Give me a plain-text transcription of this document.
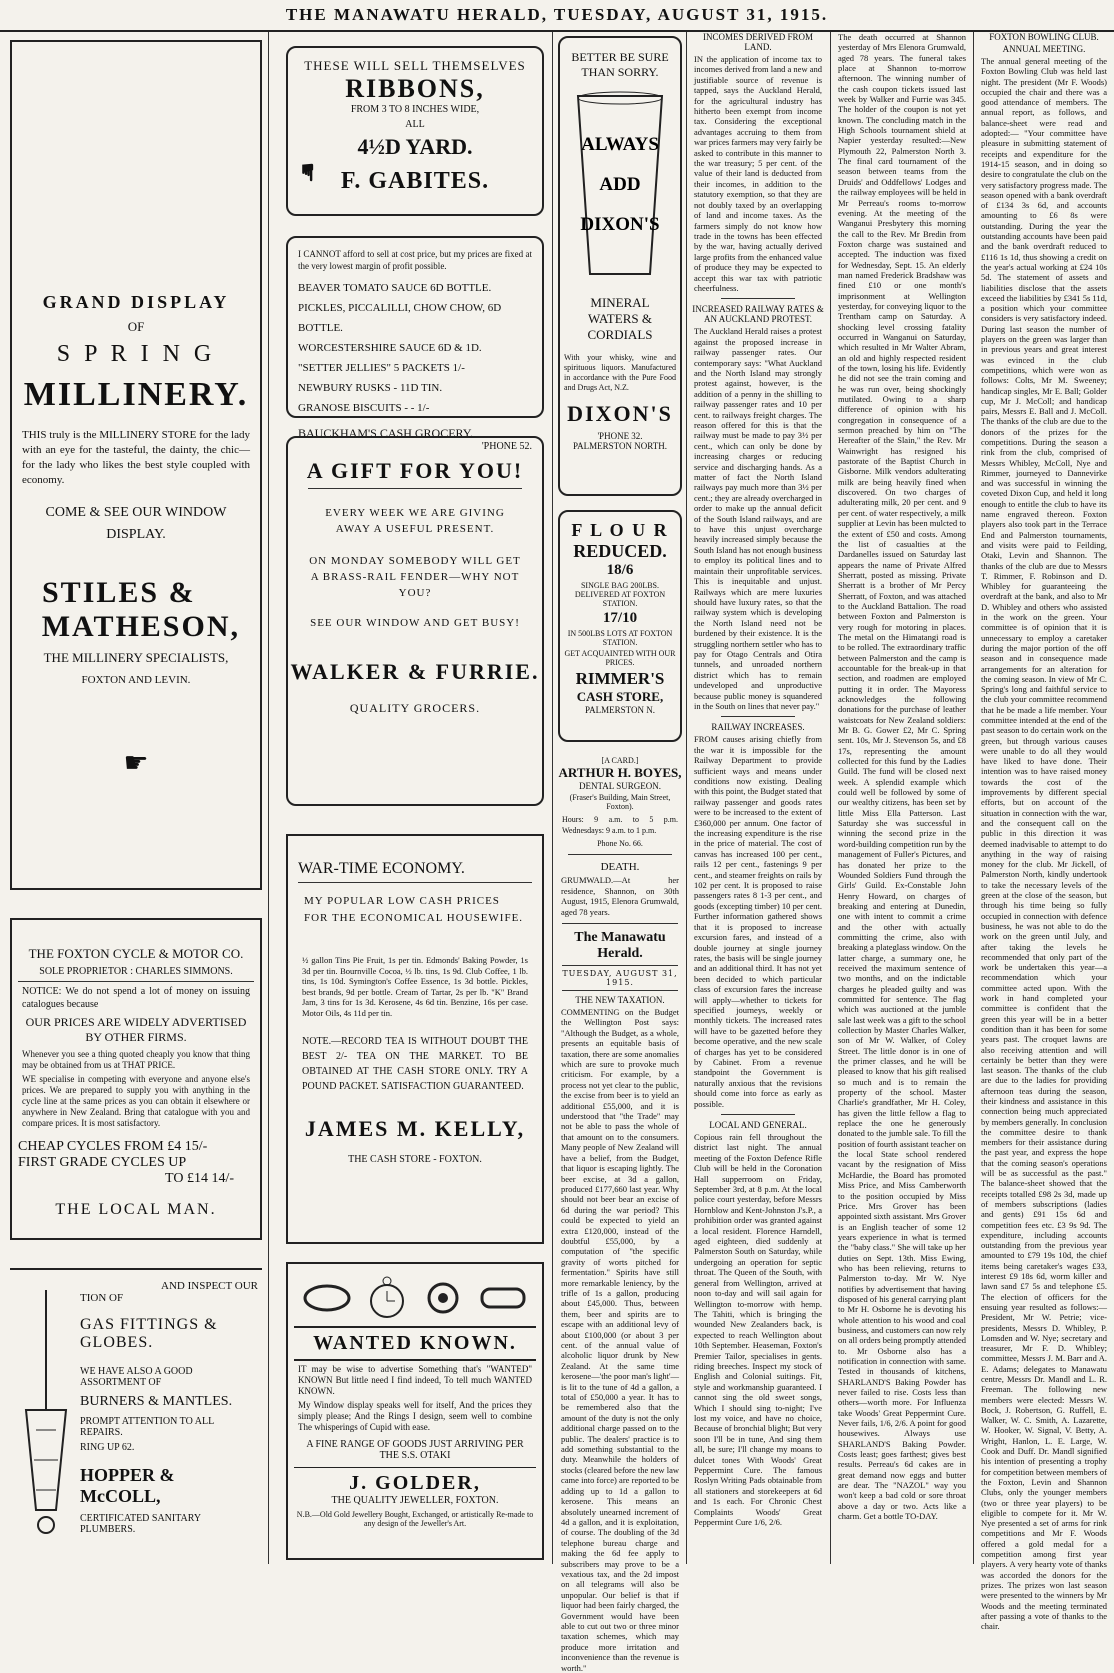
THE MANAWATU HERALD, TUESDAY, AUGUST 31, 1915.
GRAND DISPLAY
OF
S P R I N G
MILLINERY.
THIS truly is the MILLINERY STORE for the lady with an eye for the tasteful, the dainty, the chic—for the lady who likes the best style coupled with economy.
COME & SEE OUR WINDOW DISPLAY.
STILES &
MATHESON,
THE MILLINERY SPECIALISTS,
FOXTON AND LEVIN.
☛
THE FOXTON CYCLE & MOTOR CO.
SOLE PROPRIETOR : CHARLES SIMMONS.
NOTICE: We do not spend a lot of money on issuing catalogues because
OUR PRICES ARE WIDELY ADVERTISED BY OTHER FIRMS.
Whenever you see a thing quoted cheaply you know that thing may be obtained from us at THAT PRICE.
WE specialise in competing with everyone and anyone else's prices. We are prepared to supply you with anything in the cycle line at the same prices as you can obtain it elsewhere or anywhere in New Zealand. Bring that catalogue with you and compare prices. It is most satisfactory.
CHEAP CYCLES FROM £4 15/-
FIRST GRADE CYCLES UP
TO £14 14/-
THE LOCAL MAN.
AND INSPECT OUR
TION OF
GAS FITTINGS &
GLOBES.
WE HAVE ALSO A GOOD ASSORTMENT OF
BURNERS & MANTLES.
PROMPT ATTENTION TO ALL REPAIRS.
RING UP 62.
HOPPER & McCOLL,
CERTIFICATED SANITARY PLUMBERS.
THESE WILL SELL THEMSELVES
RIBBONS,
FROM 3 TO 8 INCHES WIDE,
ALL
4½D YARD.
F. GABITES.
☛
I CANNOT afford to sell at cost price, but my prices are fixed at the very lowest margin of profit possible.
BEAVER TOMATO SAUCE 6D BOTTLE.
PICKLES, PICCALILLI, CHOW CHOW, 6D BOTTLE.
WORCESTERSHIRE SAUCE 6D & 1D.
"SETTER JELLIES" 5 PACKETS 1/-
NEWBURY RUSKS - 11D TIN.
GRANOSE BISCUITS - - 1/-
BAUCKHAM'S CASH GROCERY.
'PHONE 52.
A GIFT FOR YOU!
EVERY WEEK WE ARE GIVING AWAY A USEFUL PRESENT.
ON MONDAY SOMEBODY WILL GET A BRASS-RAIL FENDER—WHY NOT YOU?
SEE OUR WINDOW AND GET BUSY!
WALKER & FURRIE.
QUALITY GROCERS.
WAR-TIME ECONOMY.
MY POPULAR LOW CASH PRICES FOR THE ECONOMICAL HOUSEWIFE.
½ gallon Tins Pie Fruit, 1s per tin. Edmonds' Baking Powder, 1s 3d per tin. Bournville Cocoa, ½ lb. tins, 1s 9d. Club Coffee, 1 lb. tins, 1s 10d. Symington's Coffee Essence, 1s 3d bottle. Pickles, best brands, 9d per bottle. Cream of Tartar, 2s per lb. "K" Brand Jam, 3 tins for 1s 3d. Kerosene, 4s 6d tin. Benzine, 16s per case. Motor Oils, 4s 11d per tin.
NOTE.—RECORD TEA IS WITHOUT DOUBT THE BEST 2/- TEA ON THE MARKET. TO BE OBTAINED AT THE CASH STORE ONLY. TRY A POUND PACKET. SATISFACTION GUARANTEED.
JAMES M. KELLY,
THE CASH STORE - FOXTON.
WANTED KNOWN.
IT may be wise to advertise Something that's "WANTED" KNOWN But little need I find indeed, To tell much WANTED KNOWN.
My Window display speaks well for itself, And the prices they simply please; And the Rings I design, seem well to combine The whisperings of Cupid with ease.
A FINE RANGE OF GOODS JUST ARRIVING PER THE S.S. OTAKI
J. GOLDER,
THE QUALITY JEWELLER, FOXTON.
N.B.—Old Gold Jewellery Bought, Exchanged, or artistically Re-made to any design of the Jeweller's Art.
BETTER BE SURE
THAN SORRY.
ALWAYS
ADD
DIXON'S
MINERAL WATERS & CORDIALS
With your whisky, wine and spirituous liquors. Manufactured in accordance with the Pure Food and Drugs Act, N.Z.
DIXON'S
'PHONE 32.
PALMERSTON NORTH.
F L O U R
REDUCED.
18/6
SINGLE BAG 200LBS. DELIVERED AT FOXTON STATION.
17/10
IN 500LBS LOTS AT FOXTON STATION.
GET ACQUAINTED WITH OUR PRICES.
RIMMER'S
CASH STORE,
PALMERSTON N.
[A CARD.]
ARTHUR H. BOYES,
DENTAL SURGEON.
(Fraser's Building, Main Street, Foxton).
Hours: 9 a.m. to 5 p.m. Wednesdays: 9 a.m. to 1 p.m.
Phone No. 66.
DEATH.
GRUMWALD.—At her residence, Shannon, on 30th August, 1915, Elenora Grumwald, aged 78 years.
The Manawatu Herald.
TUESDAY, AUGUST 31, 1915.
THE NEW TAXATION.
COMMENTING on the Budget the Wellington Post says: "Although the Budget, as a whole, presents an equitable basis of taxation, there are some anomalies which are sure to provoke much criticism. For example, by a process not yet clear to the public, the excise from beer is to yield an additional £55,000, and it is understood that "the Trade" may not be able to pass the whole of that amount on to the consumers. Many people of New Zealand will have a belief, from the Budget, that liquor is escaping lightly. The beer excise, at 3d a gallon, produced £177,660 last year. Why should not beer bear an excise of 6d during the war period? This could be expected to yield an extra £120,000, instead of the doubtful £55,000, by a computation of "the specific gravity of worts pitched for fermentation." Spirits have still more remarkable leniency, by the trifle of 1s a gallon, producing about £45,000. Thus, between them, beer and spirits are to escape with an additional levy of about £100,000 (or about 3 per cent. of the annual value of alcoholic liquor drunk by New Zealand. At the same time kerosene—'the poor man's light'—is lit to the tune of 4d a gallon, a total of £50,000 a year. It has to be remembered also that the amount of the duty is not the only additional charge passed on to the public. The dealers' practice is to add something substantial to the duty. Meanwhile the holders of stocks (cleared before the new law came into force) are reported to be adding up to 1d a gallon to kerosene. This means an absolutely unearned increment of 4d a gallon, and it is exploitation, of course. The doubling of the 3d telephone bureau charge and making the 6d fee apply to subscribers may prove to be a vexatious tax, and the 2d impost on all telegrams will also be unpopular. Our belief is that if liquor had been fairly charged, the Government would have been able to cut out two or three minor taxation schemes, which may produce more irritation and inconvenience than the revenue is worth."
INCOMES DERIVED FROM LAND.
IN the application of income tax to incomes derived from land a new and justifiable source of revenue is tapped, says the Auckland Herald, for the agricultural industry has hitherto been exempt from income tax. Considering the exceptional advantages accruing to them from war prices farmers may very fairly be asked to contribute in this manner to the war treasury; 5 per cent. of the value of their land is deducted from their incomes, in addition to the statutory exemption, so that they are not doubly taxed by an overlapping of land and income taxes. As the farmers simply do not know how trade in the towns has been effected by the war, having actually derived large profits from the enhanced value of produce they may be expected to accept this war tax with patriotic cheerfulness.
INCREASED RAILWAY RATES & AN AUCKLAND PROTEST.
The Auckland Herald raises a protest against the proposed increase in railway passenger rates. Our contemporary says: "What Auckland and the North Island may strongly protest against, however, is the addition of a penny in the shilling to railway passenger rates and 10 per cent. to railways freight charges. The reason offered for this is that the railway must be made to pay 3½ per cent., which can only be done by increasing charges or reducing service and discharging hands. As a matter of fact the North Island railways pay much more than 3½ per cent.; they are already overcharged in order to make up the annual deficit of the South Island railways, and are to have this unjust overcharge heavily increased simply because the South Island has not enough business to employ its political lines and to maintain their unprofitable services. This is inequitable and unjust. Railways which are mere luxuries should have luxury rates, so that the railway system which is developing the North Island need not be burdened by their existence. It is the struggling northern settler who has to pay for Otago Centrals and Otira tunnels, and unroaded northern district which has to remain undeveloped and unproductive because public money is squandered in the South on lines that never pay."
RAILWAY INCREASES.
FROM causes arising chiefly from the war it is impossible for the Railway Department to provide sufficient ways and means under conditions now existing. Dealing with this point, the Budget stated that railway passenger and goods rates were to be increased to the extent of £360,000 per annum. One factor of the increasing expenditure is the rise in the price of material. The cost of canvas has increased 100 per cent., rails 12 per cent., fastenings 9 per cent., and steamer freights on rails by 102 per cent. It is proposed to raise passengers rates 8 1-3 per cent., and goods (excepting timber) 10 per cent. Further information gathered shows that it is proposed to increase excursion fares, and instead of a double journey at single journey rates, the basis will be single journey and an additional third. It has not yet been decided to which particular class of excursion fares the increase will apply—whether to tickets for specified journeys, weekly or monthly tickets. The increased rates will have to be gazetted before they become operative, and the new scale of charges has yet to be considered by Cabinet. From a revenue standpoint the Government is naturally anxious that the revisions should come into force as early as possible.
LOCAL AND GENERAL.
Copious rain fell throughout the district last night. The annual meeting of the Foxton Defence Rifle Club will be held in the Coronation Hall supperroom on Friday, September 3rd, at 8 p.m. At the local police court yesterday, before Messrs Hornblow and Kent-Johnston J's.P., a prohibition order was granted against a local resident. Florence Harndell, aged eighteen, died suddenly at Palmerston South on Saturday, while undergoing an operation for septic throat. The Queen of the South, with general from Wellington, arrived at noon to-day and will sail again for Wellington to-morrow with hemp. The Tahiti, which is bringing the wounded New Zealanders back, is expected to reach Wellington about 10th September. Heaseman, Foxton's Premier Tailor, specialises in gents. riding breeches. Inspect my stock of English and Colonial suitings. Fit, style and workmanship guaranteed. I cannot sing the old sweet songs, Which I should sing to-night; I've lost my voice, and have no choice, Because of bronchial blight; But very soon I'll be in tune, And sing them all, be sure; I'll change my moans to dulcet tones With Woods' Great Peppermint Cure. The famous Roslyn Writing Pads obtainable from all stationers and storekeepers at 6d and 1s each. For Chronic Chest Complaints Woods' Great Peppermint Cure 1/6, 2/6.
The death occurred at Shannon yesterday of Mrs Elenora Grumwald, aged 78 years. The funeral takes place at Shannon to-morrow afternoon. The winning number of the cash coupon tickets issued last week by Walker and Furrie was 345. The holder of the coupon is not yet known. The concluding match in the High Schools tournament shield at Napier yesterday resulted:—New Plymouth 22, Palmerston North 3. The final card tournament of the season between teams from the Druids' and Oddfellows' Lodges and the railway employees will be held in Mr Perreau's rooms to-morrow evening. At the meeting of the Wanganui Presbytery this morning the call to the Rev. Mr Bredin from Foxton charge was sustained and accepted. The induction was fixed for Wednesday, Sept. 15. An elderly man named Frederick Bradshaw was fined £10 or one month's imprisonment at Wellington yesterday, for conveying liquor to the Trentham camp on Saturday. A shocking level crossing fatality occurred in Wanganui on Saturday, which resulted in Mr Walter Abram, an old and highly respected resident of the town, losing his life. Evidently he did not see the train coming and he was run over, being shockingly mutilated. Owing to a sharp difference of opinion with his congregation in consequence of a sermon preached by him on "The Hereafter of the Slain," the Rev. Mr Wainwright has resigned his pastorate of the Baptist Church in Gisborne. Milk vendors adulterating milk are being heavily fined when discovered. On two charges of adulterating milk, 20 per cent. and 9 per cent. of water respectively, a milk supplier at Levin has been mulcted to the extent of £50 and costs. Among the list of casualties at the Dardanelles issued on Saturday last appears the name of Private Alfred Sherratt, posted as missing. Private Sherratt is a brother of Mr Percy Sherratt, of Foxton, and was attached to the Auckland Battalion. The road between Foxton and Palmerston is very rough for motoring in places. The metal on the Himatangi road is to be rolled. The extraordinary traffic between Palmerston and the camp is accountable for the break-up in that section, and roadmen are employed putting it in order. The Mayoress acknowledges the following donations for the purchase of leather waistcoats for New Zealand soldiers: Mr B. G. Gower £2, Mr C. Spring sent. 10s, Mr J. Stevenson 5s, and £8 17s, representing the amount collected for this fund by the Ladies Guild. The fund will be closed next week. A splendid example which could well be followed by some of our wealthy citizens, has been set by little Miss Ella Patterson. Last Saturday she was successful in winning the second prize in the word-building competition run by the management of Fuller's Pictures, and has donated her prize to the Wounded Soldiers Fund through the Girls' Guild. Ex-Constable John Henry Howard, on charges of breaking and entering at Dunedin, one with intent to commit a crime and the other with actually committing the crime, also with breaking a plateglass window. On the latter charge, a summary one, he received the maximum sentence of two months, and on the indictable charges he pleaded guilty and was committed for sentence. The flag which was auctioned at the jumble sale last week was a gift to the school collection by Master Charles Walker, son of Mr W. Walker, of Coley Street. The little donor is in one of the primer classes, and he will be pleased to know that his gift realised so much and is to remain the property of the school. Master Charlie's grandfather, Mr H. Coley, has given the little fellow a flag to replace the one he generously donated to the jumble sale. To fill the position of fourth assistant teacher on the local State school rendered vacant by the resignation of Miss McHardie, the Board has promoted Miss Price, and Miss Camberworth to the position occupied by Miss Price. Mrs Grover has been appointed sixth assistant. Mrs Grover is an English teacher of some 12 years experience in what is termed the "baby class." She will take up her duties on Sept. 13th. Miss Ewing, who has been relieving, returns to Palmerston to-day. Mr W. Nye notifies by advertisement that having disposed of his general carrying plant to Mr H. Osborne he is devoting his whole attention to his wood and coal business, and customers can now rely on all orders being promptly attended to. Mr Osborne also has a notification in connection with same. Tested in thousands of kitchens, SHARLAND'S Baking Powder has never failed to rise. Costs less than others—worth more. For Influenza take Woods' Great Peppermint Cure. Never fails, 1/6, 2/6. A point for good housewives. Always use SHARLAND'S Baking Powder. Costs least; goes farthest; gives best results. Perreau's 6d cakes are in great demand now eggs and butter are dear. The "NAZOL" way you won't keep a bad cold or sore throat above a day or two. Acts like a charm. Get a bottle TO-DAY.
FOXTON BOWLING CLUB.
ANNUAL MEETING.
The annual general meeting of the Foxton Bowling Club was held last night. The president (Mr F. Woods) occupied the chair and there was a good attendance of members. The annual report, as follows, and balance-sheet were read and adopted:— "Your committee have pleasure in submitting statement of receipts and expenditure for the 1914-15 season, and in doing so desire to congratulate the club on the very satisfactory progress made. The season opened with a bank overdraft of £134 3s 6d, and accounts amounting to £6 8s were outstanding. During the year the outstanding accounts have been paid and the bank overdraft reduced to £116 1s 1d, thus showing a credit on the year's actual working at £24 10s 5d. The statement of assets and liabilities disclose that the assets exceed the liabilities by £341 5s 11d, a position which your committee considers is very satisfactory indeed. During last season the number of players on the green was larger than in previous years and great interest was evinced in the club competitions, which were won as follows: Colts, Mr M. Sweeney; handicap singles, Mr E. Ball; Golder cup, Mr J. McColl; and handicap pairs, Messrs E. Ball and J. McColl. The thanks of the club are due to the donors of the prizes for the competitions. During the season a rink from the club, comprised of Messrs Whibley, McColl, Nye and Rimmer, journeyed to Dannevirke and was successful in winning the coveted Dixon Cup, and held it long enough to entitle the club to have its name engraved thereon. Foxton players also took part in the Terrace End and Palmerston tournaments, and visits were paid to Feilding, Otaki, Levin and Shannon. The thanks of the club are due to Messrs T. Rimmer, F. Robinson and D. Whibley for guaranteeing the overdraft at the bank, and also to Mr D. Whibley and others who assisted in the work on the green. Your committee is of opinion that it is unnecessary to employ a caretaker during the major portion of the off season and in consequence made arrangements for an alteration for the coming season. In view of Mr C. Spring's long and faithful service to the club your committee recommend that he be made a life member. Your committee intended at the end of the past season to do certain work on the green, but through various causes were unable to do all they would have liked to have done. Their intention was to have raised money towards the cost of the improvements by different special efforts, but on account of the situation in connection with the war, and the consequent call on the public in this direction it was deemed inadvisable to attempt to do anything in the way of raising money for the club. Mr Jickell, of Palmerston North, kindly undertook to take the necessary levels of the green at the close of the season, but through his time being so fully occupied in connection with defence business, he was not able to do the work on the green until July, and after taking the levels he recommended that only part of the work be undertaken this year—a recommendation which your committee acted upon. With the work in hand completed your committee is confident that the green this year will be in a better condition than it has been for some years past. The croquet lawns are also receiving attention and will certainly be better than they were last season. The thanks of the club are due to the ladies for providing afternoon teas during the season, their kindness and assistance in this connection being much appreciated by members generally. In conclusion the committee desire to thank members for their assistance during the past year, and express the hope that the coming season's operations will be as successful as the past." The balance-sheet showed that the receipts totalled £98 2s 3d, made up of members subscriptions (ladies and gents) £91 15s 6d and competition fees etc. £3 9s 9d. The expenditure, including accounts outstanding from the previous year amounted to £79 19s 10d, the chief items being caretaker's wages £33, interest £9 18s 6d, worm killer and lawn sand £7 5s and telephone £5. The election of officers for the ensuing year resulted as follows:—President, Mr W. Petrie; vice-presidents, Messrs D. Whibley, P. Lomsden and W. Nye; secretary and treasurer, Mr F. D. Whibley; committee, Messrs J. M. Barr and A. E. Adams; delegates to Manawatu centre, Messrs Dr. Mandl and L. R. Freeman. The following new members were elected: Messrs W. Bock, J. Robertson, G. Ruffell, E. Walker, W. C. Smith, A. Lazarette, W. Hooker, W. Signal, V. Betty, A. Wright, Hanlon, L. E. Large, W. Cook and Duff. Dr. Mandl signified his intention of presenting a trophy for competition between members of the Foxton, Levin and Shannon Clubs, only the younger members (two or three year players) to be eligible to compete for it. Mr W. Nye presented a set of arms for rink competitions and Mr F. Woods offered a gold medal for a competition among first year players. A very hearty vote of thanks was accorded the donors for the prizes. The prizes won last season were presented to the winners by Mr Woods and the meeting terminated after passing a vote of thanks to the chair.
